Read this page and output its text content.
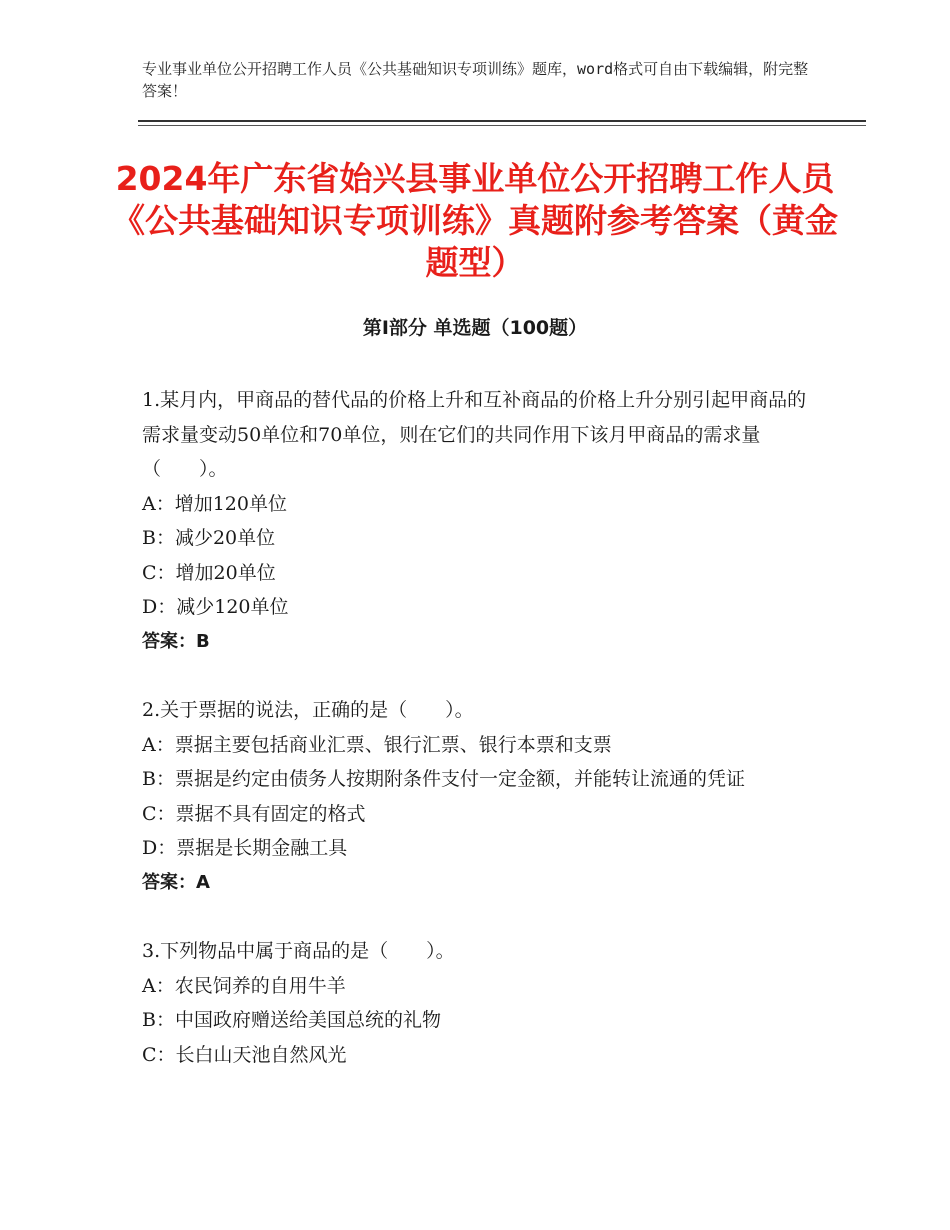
专业事业单位公开招聘工作人员《公共基础知识专项训练》题库，word格式可自由下载编辑，附完整答案！
2024年广东省始兴县事业单位公开招聘工作人员《公共基础知识专项训练》真题附参考答案（黄金题型）
第Ⅰ部分 单选题（100题）

1.某月内，甲商品的替代品的价格上升和互补商品的价格上升分别引起甲商品的需求量变动50单位和70单位，则在它们的共同作用下该月甲商品的需求量（　　）。

A：增加120单位

B：减少20单位

C：增加20单位

D：减少120单位

答案：B

2.关于票据的说法，正确的是（　　）。

A：票据主要包括商业汇票、银行汇票、银行本票和支票

B：票据是约定由债务人按期附条件支付一定金额，并能转让流通的凭证

C：票据不具有固定的格式

D：票据是长期金融工具

答案：A

3.下列物品中属于商品的是（　　）。

A：农民饲养的自用牛羊

B：中国政府赠送给美国总统的礼物

C：长白山天池自然风光
